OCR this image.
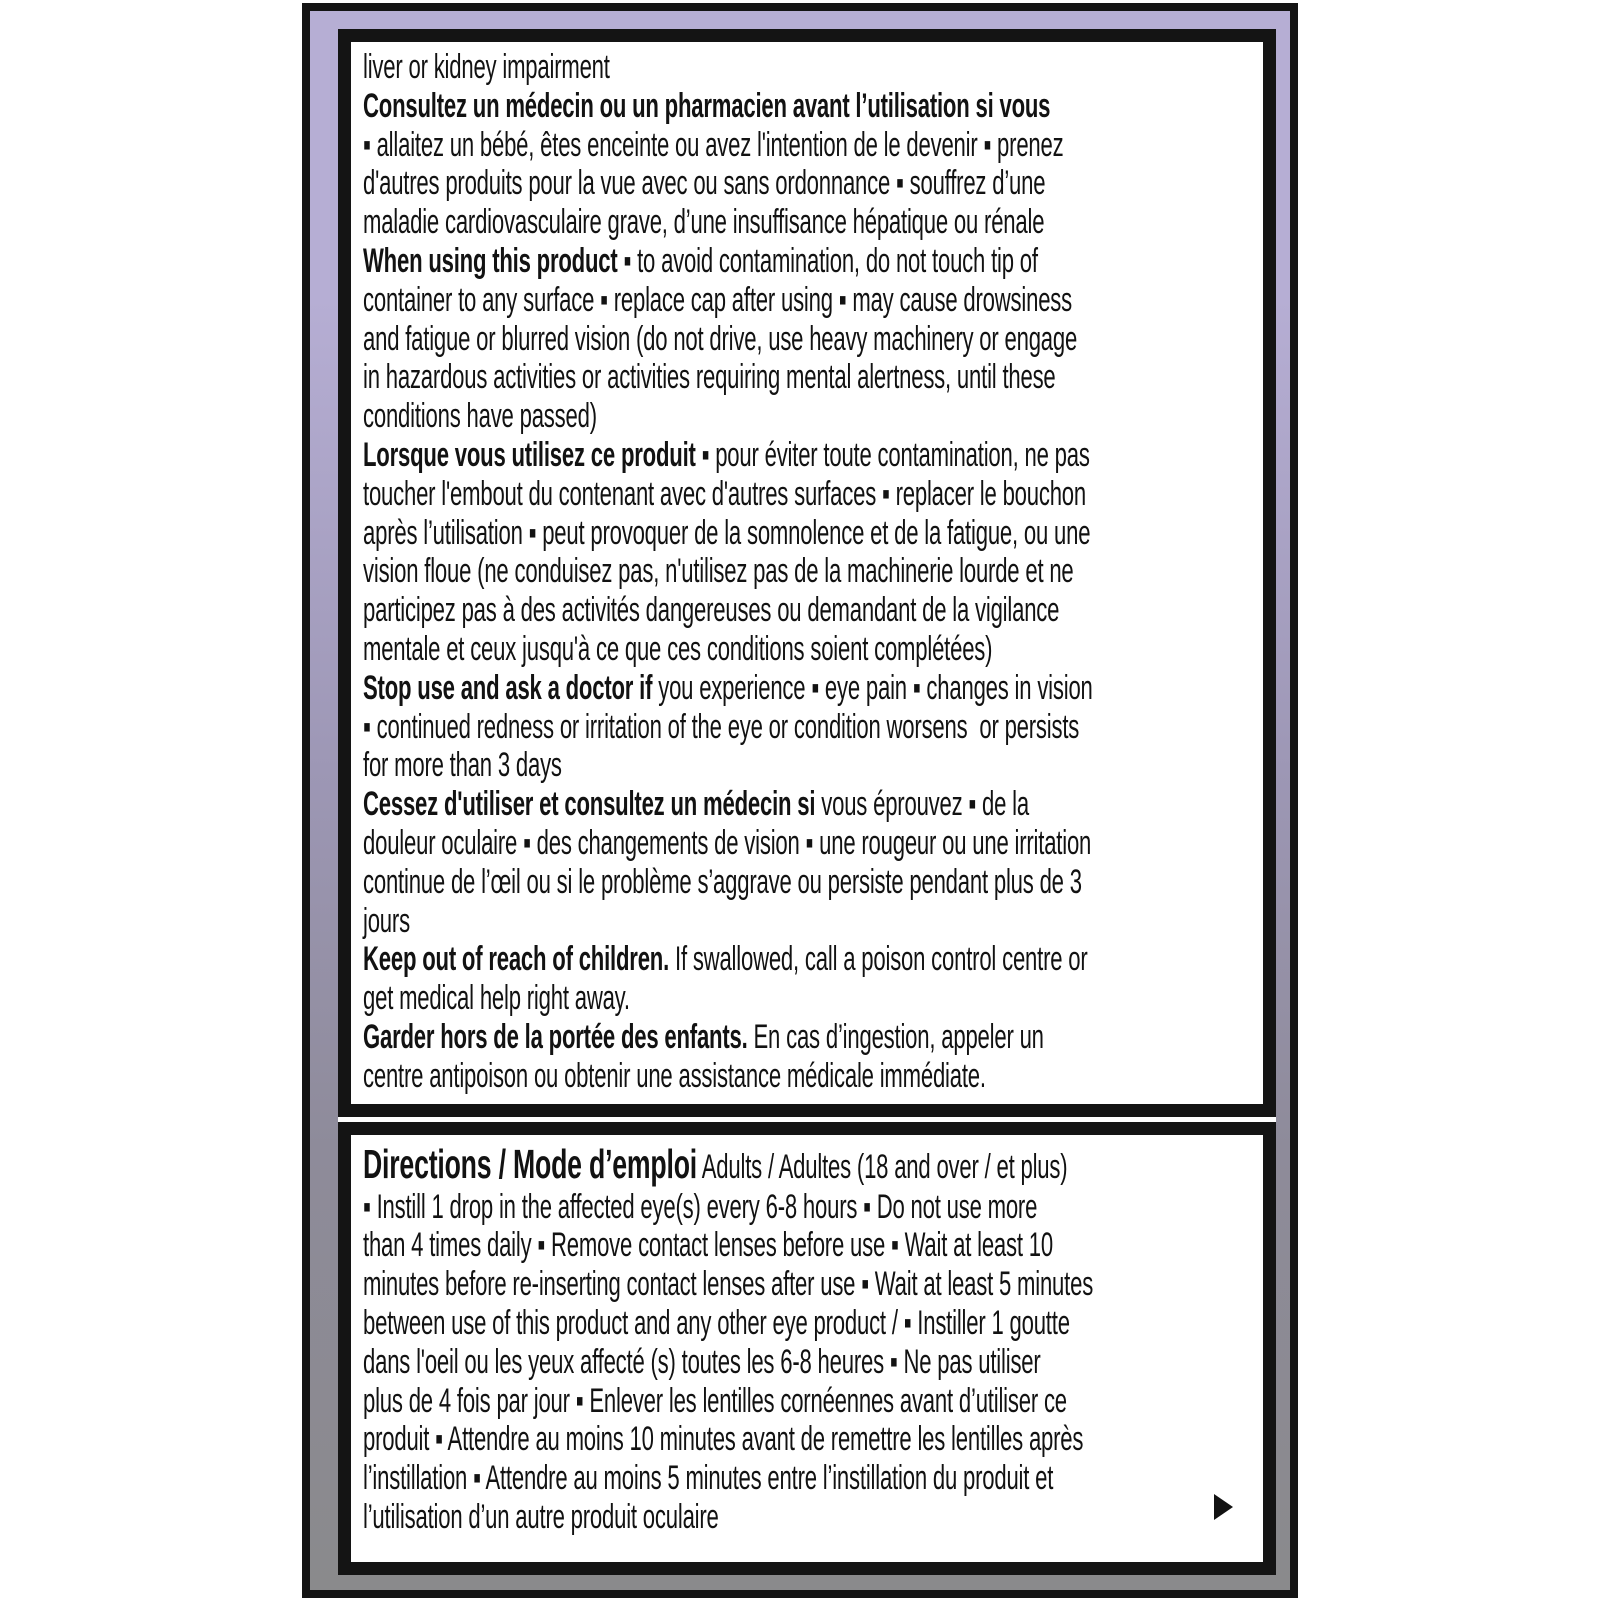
liver or kidney impairment
Consultez un médecin ou un pharmacien avant l’utilisation si vous
▪ allaitez un bébé, êtes enceinte ou avez l'intention de le devenir ▪ prenez
d'autres produits pour la vue avec ou sans ordonnance ▪ souffrez d’une
maladie cardiovasculaire grave, d’une insuffisance hépatique ou rénale
When using this product ▪ to avoid contamination, do not touch tip of
container to any surface ▪ replace cap after using ▪ may cause drowsiness
and fatigue or blurred vision (do not drive, use heavy machinery or engage
in hazardous activities or activities requiring mental alertness, until these
conditions have passed)
Lorsque vous utilisez ce produit ▪ pour éviter toute contamination, ne pas
toucher l'embout du contenant avec d'autres surfaces ▪ replacer le bouchon
après l’utilisation ▪ peut provoquer de la somnolence et de la fatigue, ou une
vision floue (ne conduisez pas, n'utilisez pas de la machinerie lourde et ne
participez pas à des activités dangereuses ou demandant de la vigilance
mentale et ceux jusqu'à ce que ces conditions soient complétées)
Stop use and ask a doctor if you experience ▪ eye pain ▪ changes in vision
▪ continued redness or irritation of the eye or condition worsens  or persists
for more than 3 days
Cessez d'utiliser et consultez un médecin si vous éprouvez ▪ de la
douleur oculaire ▪ des changements de vision ▪ une rougeur ou une irritation
continue de l’œil ou si le problème s’aggrave ou persiste pendant plus de 3
jours
Keep out of reach of children. If swallowed, call a poison control centre or
get medical help right away.
Garder hors de la portée des enfants. En cas d’ingestion, appeler un
centre antipoison ou obtenir une assistance médicale immédiate.
Directions / Mode d’emploi Adults / Adultes (18 and over / et plus)
▪ Instill 1 drop in the affected eye(s) every 6-8 hours ▪ Do not use more
than 4 times daily ▪ Remove contact lenses before use ▪ Wait at least 10
minutes before re-inserting contact lenses after use ▪ Wait at least 5 minutes
between use of this product and any other eye product / ▪ Instiller 1 goutte
dans l'oeil ou les yeux affecté (s) toutes les 6-8 heures ▪ Ne pas utiliser
plus de 4 fois par jour ▪ Enlever les lentilles cornéennes avant d’utiliser ce
produit ▪ Attendre au moins 10 minutes avant de remettre les lentilles après
l’instillation ▪ Attendre au moins 5 minutes entre l’instillation du produit et
l’utilisation d’un autre produit oculaire
